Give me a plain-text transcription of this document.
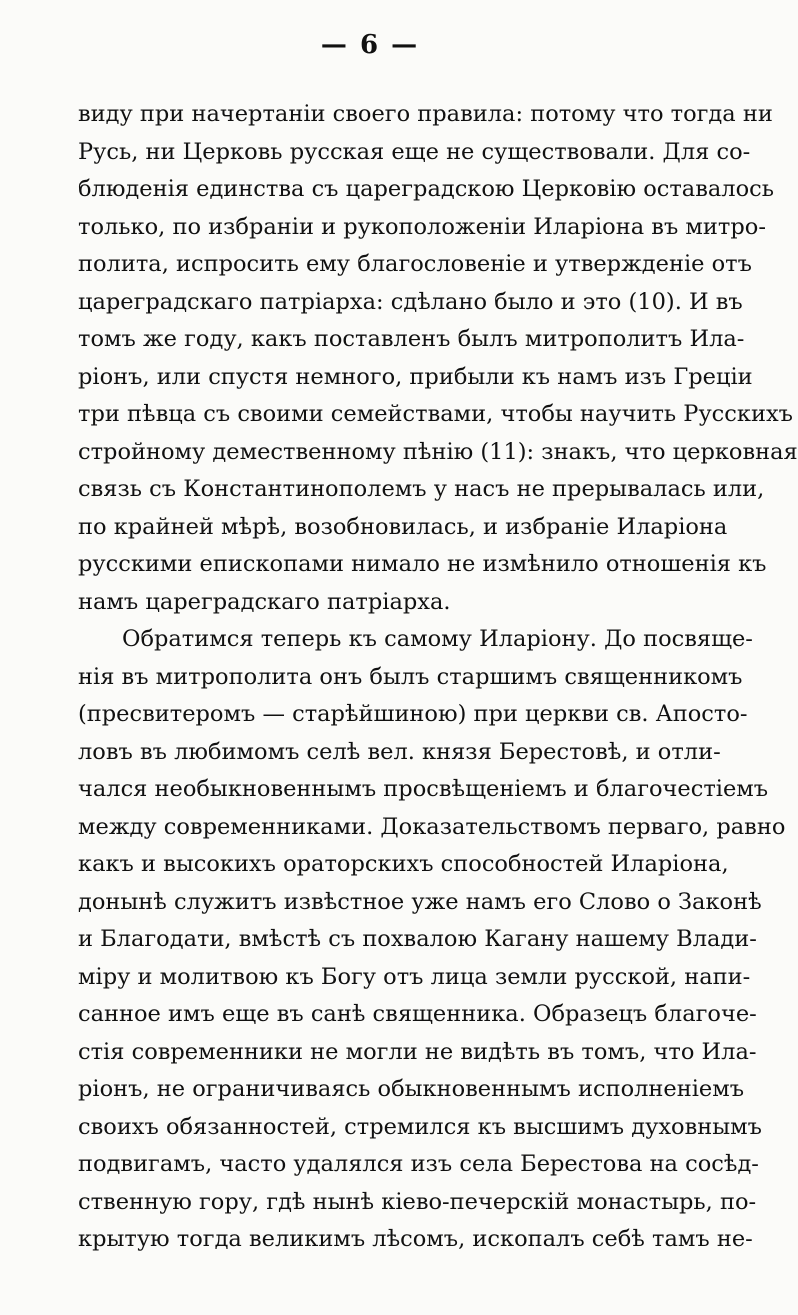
— 6 —
виду при начертаніи своего правила: потому что тогда ни
Русь, ни Церковь русская еще не существовали. Для со-
блюденія единства съ цареградскою Церковію оставалось
только, по избраніи и рукоположеніи Иларіона въ митро-
полита, испросить ему благословеніе и утвержденіе отъ
цареградскаго патріарха: сдѣлано было и это (10). И въ
томъ же году, какъ поставленъ былъ митрополитъ Ила-
ріонъ, или спустя немного, прибыли къ намъ изъ Греціи
три пѣвца съ своими семействами, чтобы научить Русскихъ
стройному демественному пѣнію (11): знакъ, что церковная
связь съ Константинополемъ у насъ не прерывалась или,
по крайней мѣрѣ, возобновилась, и избраніе Иларіона
русскими епископами нимало не измѣнило отношенія къ
намъ цареградскаго патріарха.
Обратимся теперь къ самому Иларіону. До посвяще-
нія въ митрополита онъ былъ старшимъ священникомъ
(пресвитеромъ — старѣйшиною) при церкви св. Апосто-
ловъ въ любимомъ селѣ вел. князя Берестовѣ, и отли-
чался необыкновеннымъ просвѣщеніемъ и благочестіемъ
между современниками. Доказательствомъ перваго, равно
какъ и высокихъ ораторскихъ способностей Иларіона,
донынѣ служитъ извѣстное уже намъ его Слово о Законѣ
и Благодати, вмѣстѣ съ похвалою Кагану нашему Влади-
міру и молитвою къ Богу отъ лица земли русской, напи-
санное имъ еще въ санѣ священника. Образецъ благоче-
стія современники не могли не видѣть въ томъ, что Ила-
ріонъ, не ограничиваясь обыкновеннымъ исполненіемъ
своихъ обязанностей, стремился къ высшимъ духовнымъ
подвигамъ, часто удалялся изъ села Берестова на сосѣд-
ственную гору, гдѣ нынѣ кіево-печерскій монастырь, по-
крытую тогда великимъ лѣсомъ, ископалъ себѣ тамъ не-
